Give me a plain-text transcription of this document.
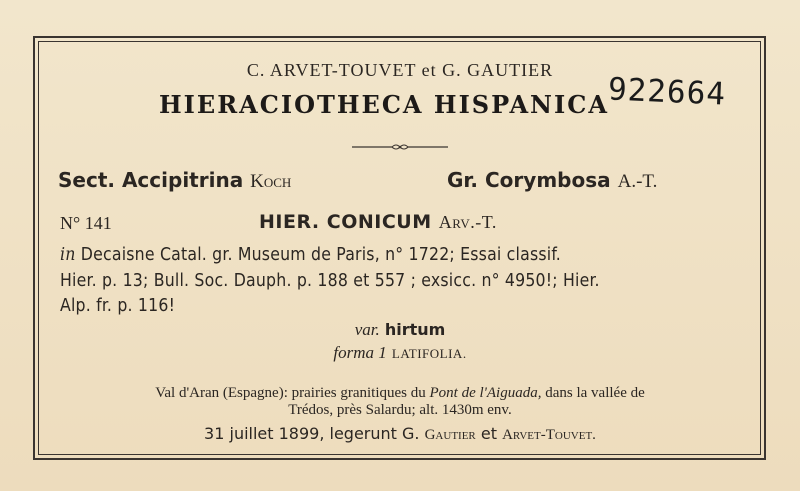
C. ARVET-TOUVET et G. GAUTIER
HIERACIOTHECA HISPANICA
922664
Sect. Accipitrina Koch	Gr. Corymbosa A.-T.
N° 141	HIER. CONICUM Arv.-T.
in Decaisne Catal. gr. Museum de Paris, n° 1722; Essai classif.
Hier. p. 13; Bull. Soc. Dauph. p. 188 et 557 ; exsicc. n° 4950!; Hier.
Alp. fr. p. 116!
var. hirtum
forma 1 LATIFOLIA.
Val d'Aran (Espagne): prairies granitiques du Pont de l'Aiguada, dans la vallée de
Trédos, près Salardu; alt. 1430m env.
31 juillet 1899, legerunt G. Gautier et Arvet-Touvet.
